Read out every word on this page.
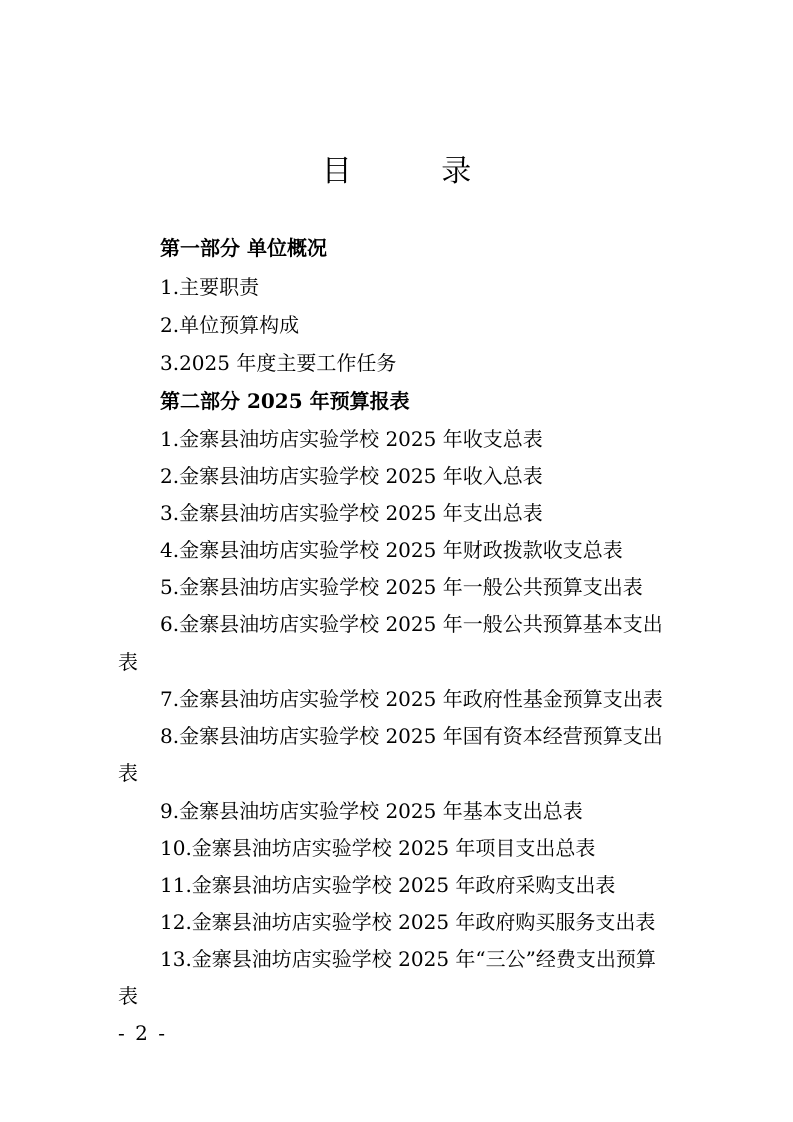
目 录
第一部分 单位概况
1.主要职责
2.单位预算构成
3.2025 年度主要工作任务
第二部分 2025 年预算报表
1.金寨县油坊店实验学校 2025 年收支总表
2.金寨县油坊店实验学校 2025 年收入总表
3.金寨县油坊店实验学校 2025 年支出总表
4.金寨县油坊店实验学校 2025 年财政拨款收支总表
5.金寨县油坊店实验学校 2025 年一般公共预算支出表
6.金寨县油坊店实验学校 2025 年一般公共预算基本支出
表
7.金寨县油坊店实验学校 2025 年政府性基金预算支出表
8.金寨县油坊店实验学校 2025 年国有资本经营预算支出
表
9.金寨县油坊店实验学校 2025 年基本支出总表
10.金寨县油坊店实验学校 2025 年项目支出总表
11.金寨县油坊店实验学校 2025 年政府采购支出表
12.金寨县油坊店实验学校 2025 年政府购买服务支出表
13.金寨县油坊店实验学校 2025 年“三公”经费支出预算
表
- 2 -
